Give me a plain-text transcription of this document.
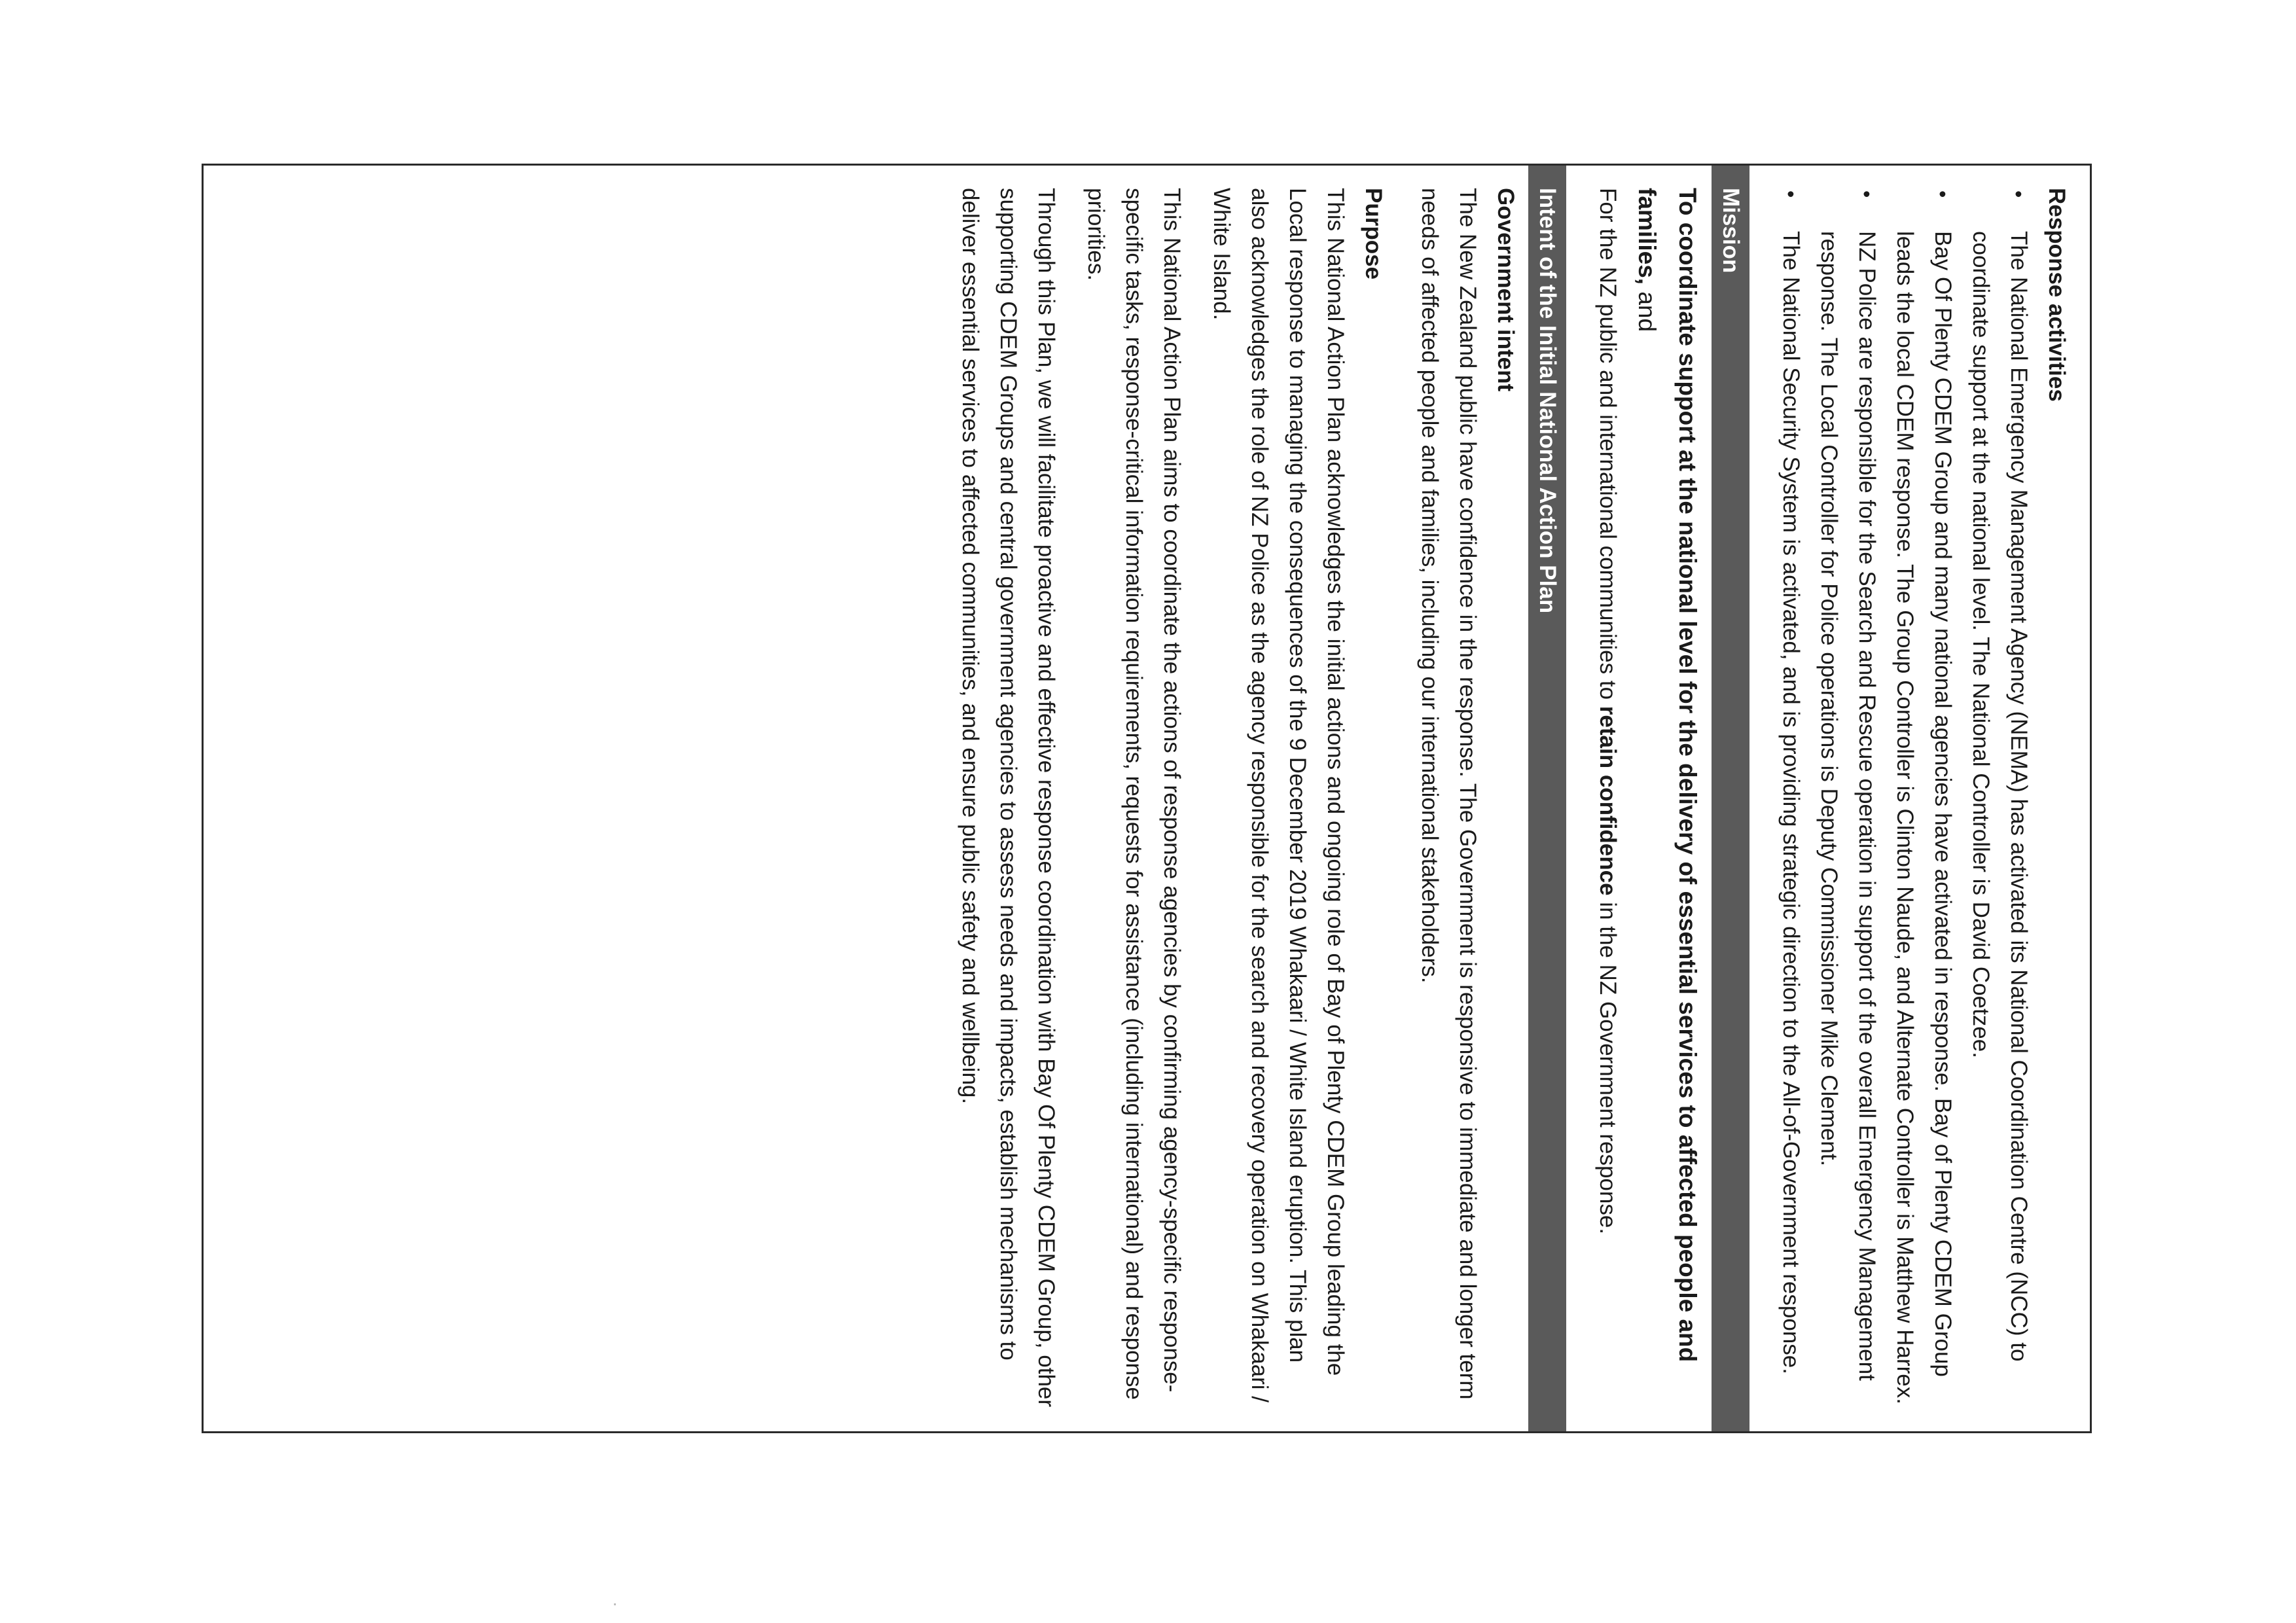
Response activities

•
The National Emergency Management Agency (NEMA) has activated its National Coordination Centre (NCC) to coordinate support at the national level. The National Controller is David Coetzee.
•
Bay Of Plenty CDEM Group and many national agencies have activated in response. Bay of Plenty CDEM Group leads the local CDEM response. The Group Controller is Clinton Naude, and Alternate Controller is Matthew Harrex.
•
NZ Police are responsible for the Search and Rescue operation in support of the overall Emergency Management response. The Local Controller for Police operations is Deputy Commissioner Mike Clement.
•
The National Security System is activated, and is providing strategic direction to the All-of-Government response.
Mission

To coordinate support at the national level for the delivery of essential services to affected people and families, and

For the NZ public and international communities to retain confidence in the NZ Government response.

Intent of the Initial National Action Plan

Government intent

The New Zealand public have confidence in the response. The Government is responsive to immediate and longer term needs of affected people and families, including our international stakeholders.

Purpose

This National Action Plan acknowledges the initial actions and ongoing role of Bay of Plenty CDEM Group leading the Local response to managing the consequences of the 9 December 2019 Whakaari / White Island eruption. This plan also acknowledges the role of NZ Police as the agency responsible for the search and recovery operation on Whakaari / White Island.

This National Action Plan aims to coordinate the actions of response agencies by confirming agency-specific response-specific tasks, response-critical information requirements, requests for assistance (including international) and response priorities.

Through this Plan, we will facilitate proactive and effective response coordination with Bay Of Plenty CDEM Group, other supporting CDEM Groups and central government agencies to assess needs and impacts, establish mechanisms to deliver essential services to affected communities, and ensure public safety and wellbeing.
